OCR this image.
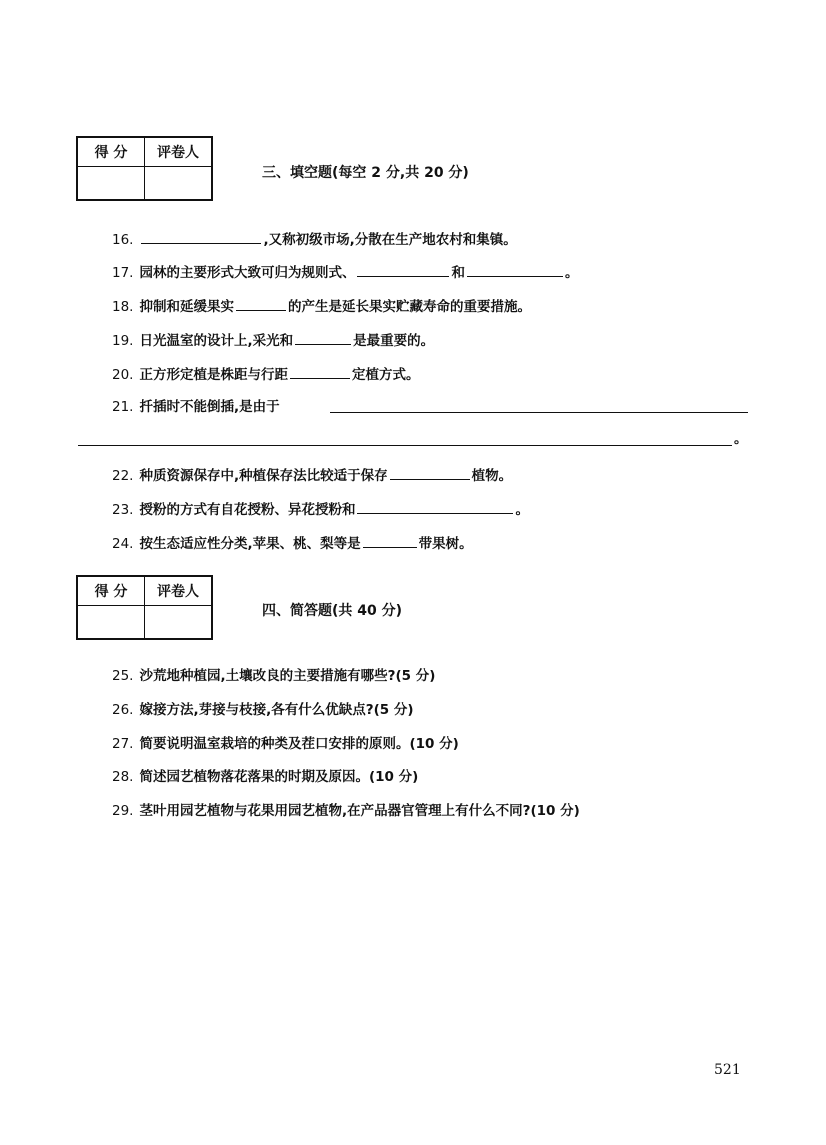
得 分	评卷人

三、填空题(每空 2 分,共 20 分)
16.	,又称初级市场,分散在生产地农村和集镇。
17. 园林的主要形式大致可归为规则式、	和	。
18. 抑制和延缓果实	的产生是延长果实贮藏寿命的重要措施。
19. 日光温室的设计上,采光和	是最重要的。
20. 正方形定植是株距与行距	定植方式。
21. 扦插时不能倒插,是由于
。
22. 种质资源保存中,种植保存法比较适于保存	植物。
23. 授粉的方式有自花授粉、异花授粉和	。
24. 按生态适应性分类,苹果、桃、梨等是	带果树。
得 分	评卷人

四、简答题(共 40 分)
25. 沙荒地种植园,土壤改良的主要措施有哪些?(5 分)
26. 嫁接方法,芽接与枝接,各有什么优缺点?(5 分)
27. 简要说明温室栽培的种类及茬口安排的原则。(10 分)
28. 简述园艺植物落花落果的时期及原因。(10 分)
29. 茎叶用园艺植物与花果用园艺植物,在产品器官管理上有什么不同?(10 分)
521
